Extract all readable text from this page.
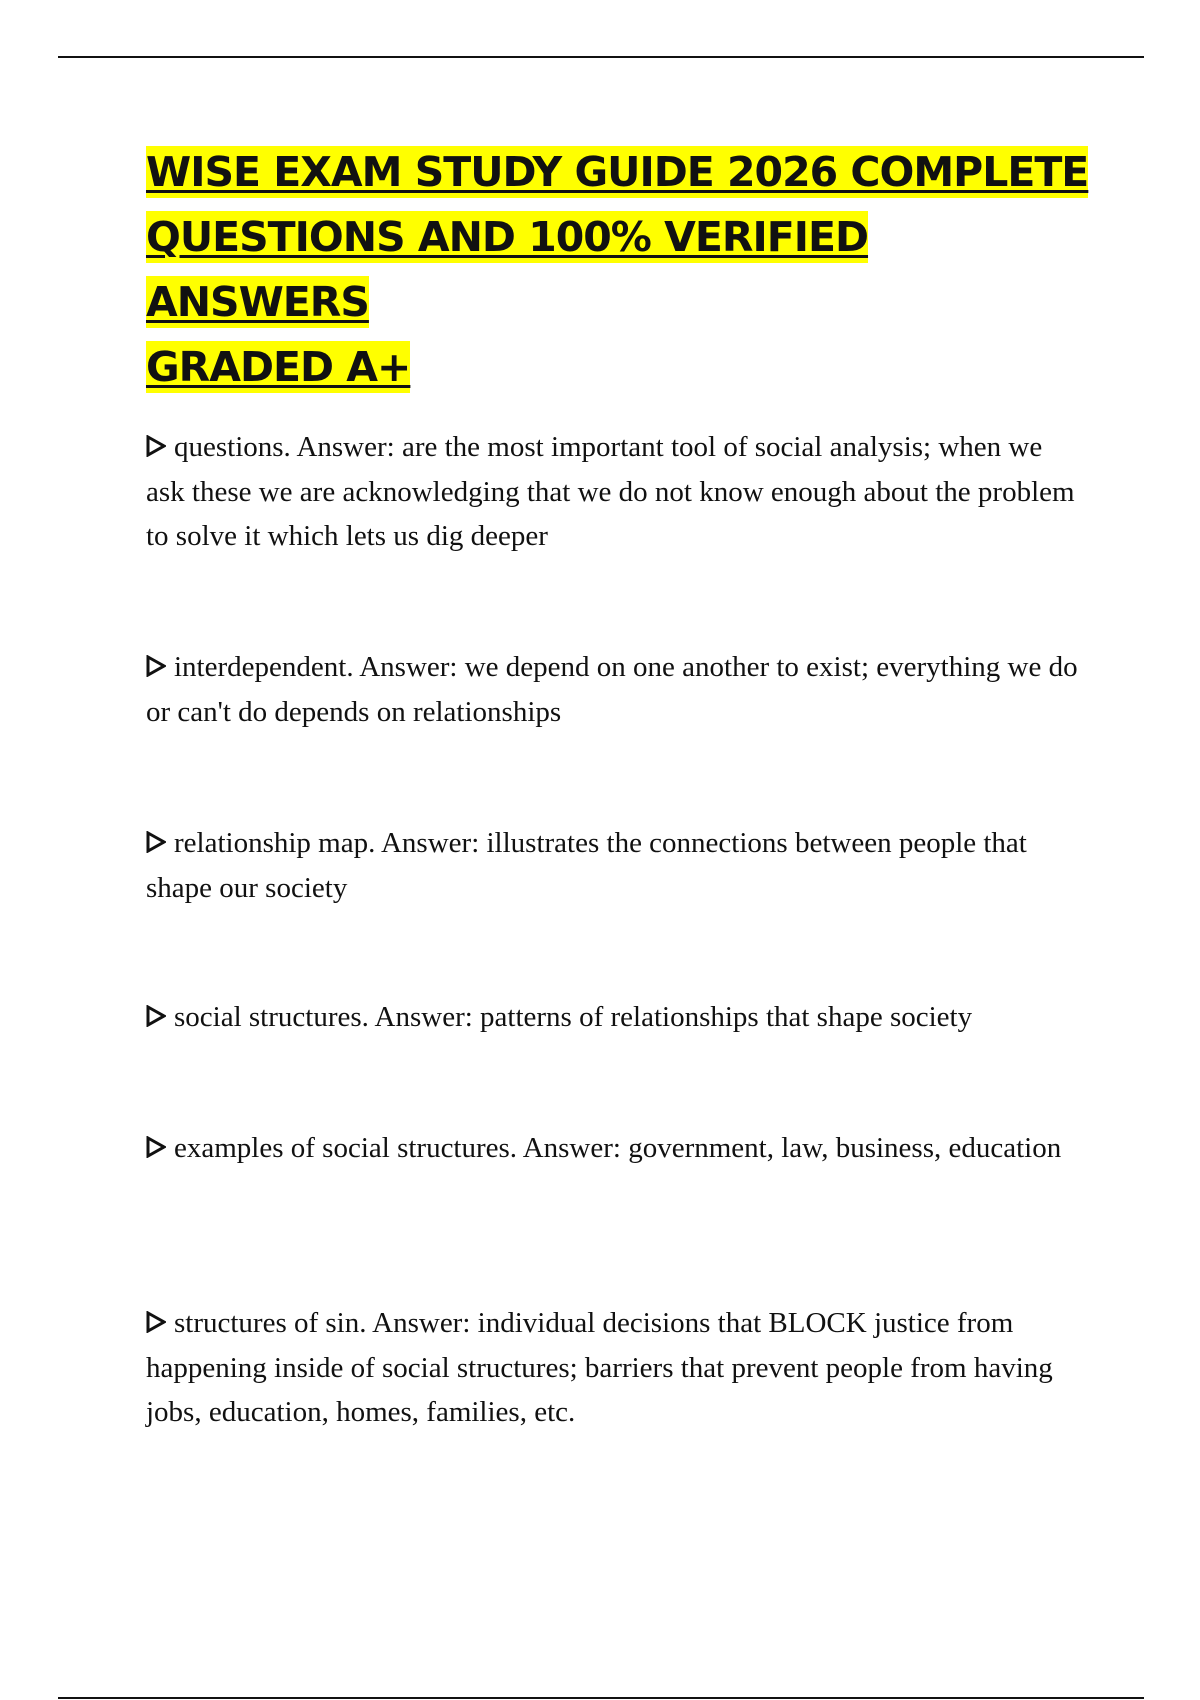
WISE EXAM STUDY GUIDE 2026 COMPLETE
QUESTIONS AND 100% VERIFIED ANSWERS
GRADED A+

questions. Answer: are the most important tool of social analysis; when we ask these we are acknowledging that we do not know enough about the problem to solve it which lets us dig deeper

interdependent. Answer: we depend on one another to exist; everything we do or can't do depends on relationships

relationship map. Answer: illustrates the connections between people that shape our society

social structures. Answer: patterns of relationships that shape society

examples of social structures. Answer: government, law, business, education

structures of sin. Answer: individual decisions that BLOCK justice from happening inside of social structures; barriers that prevent people from having jobs, education, homes, families, etc.
